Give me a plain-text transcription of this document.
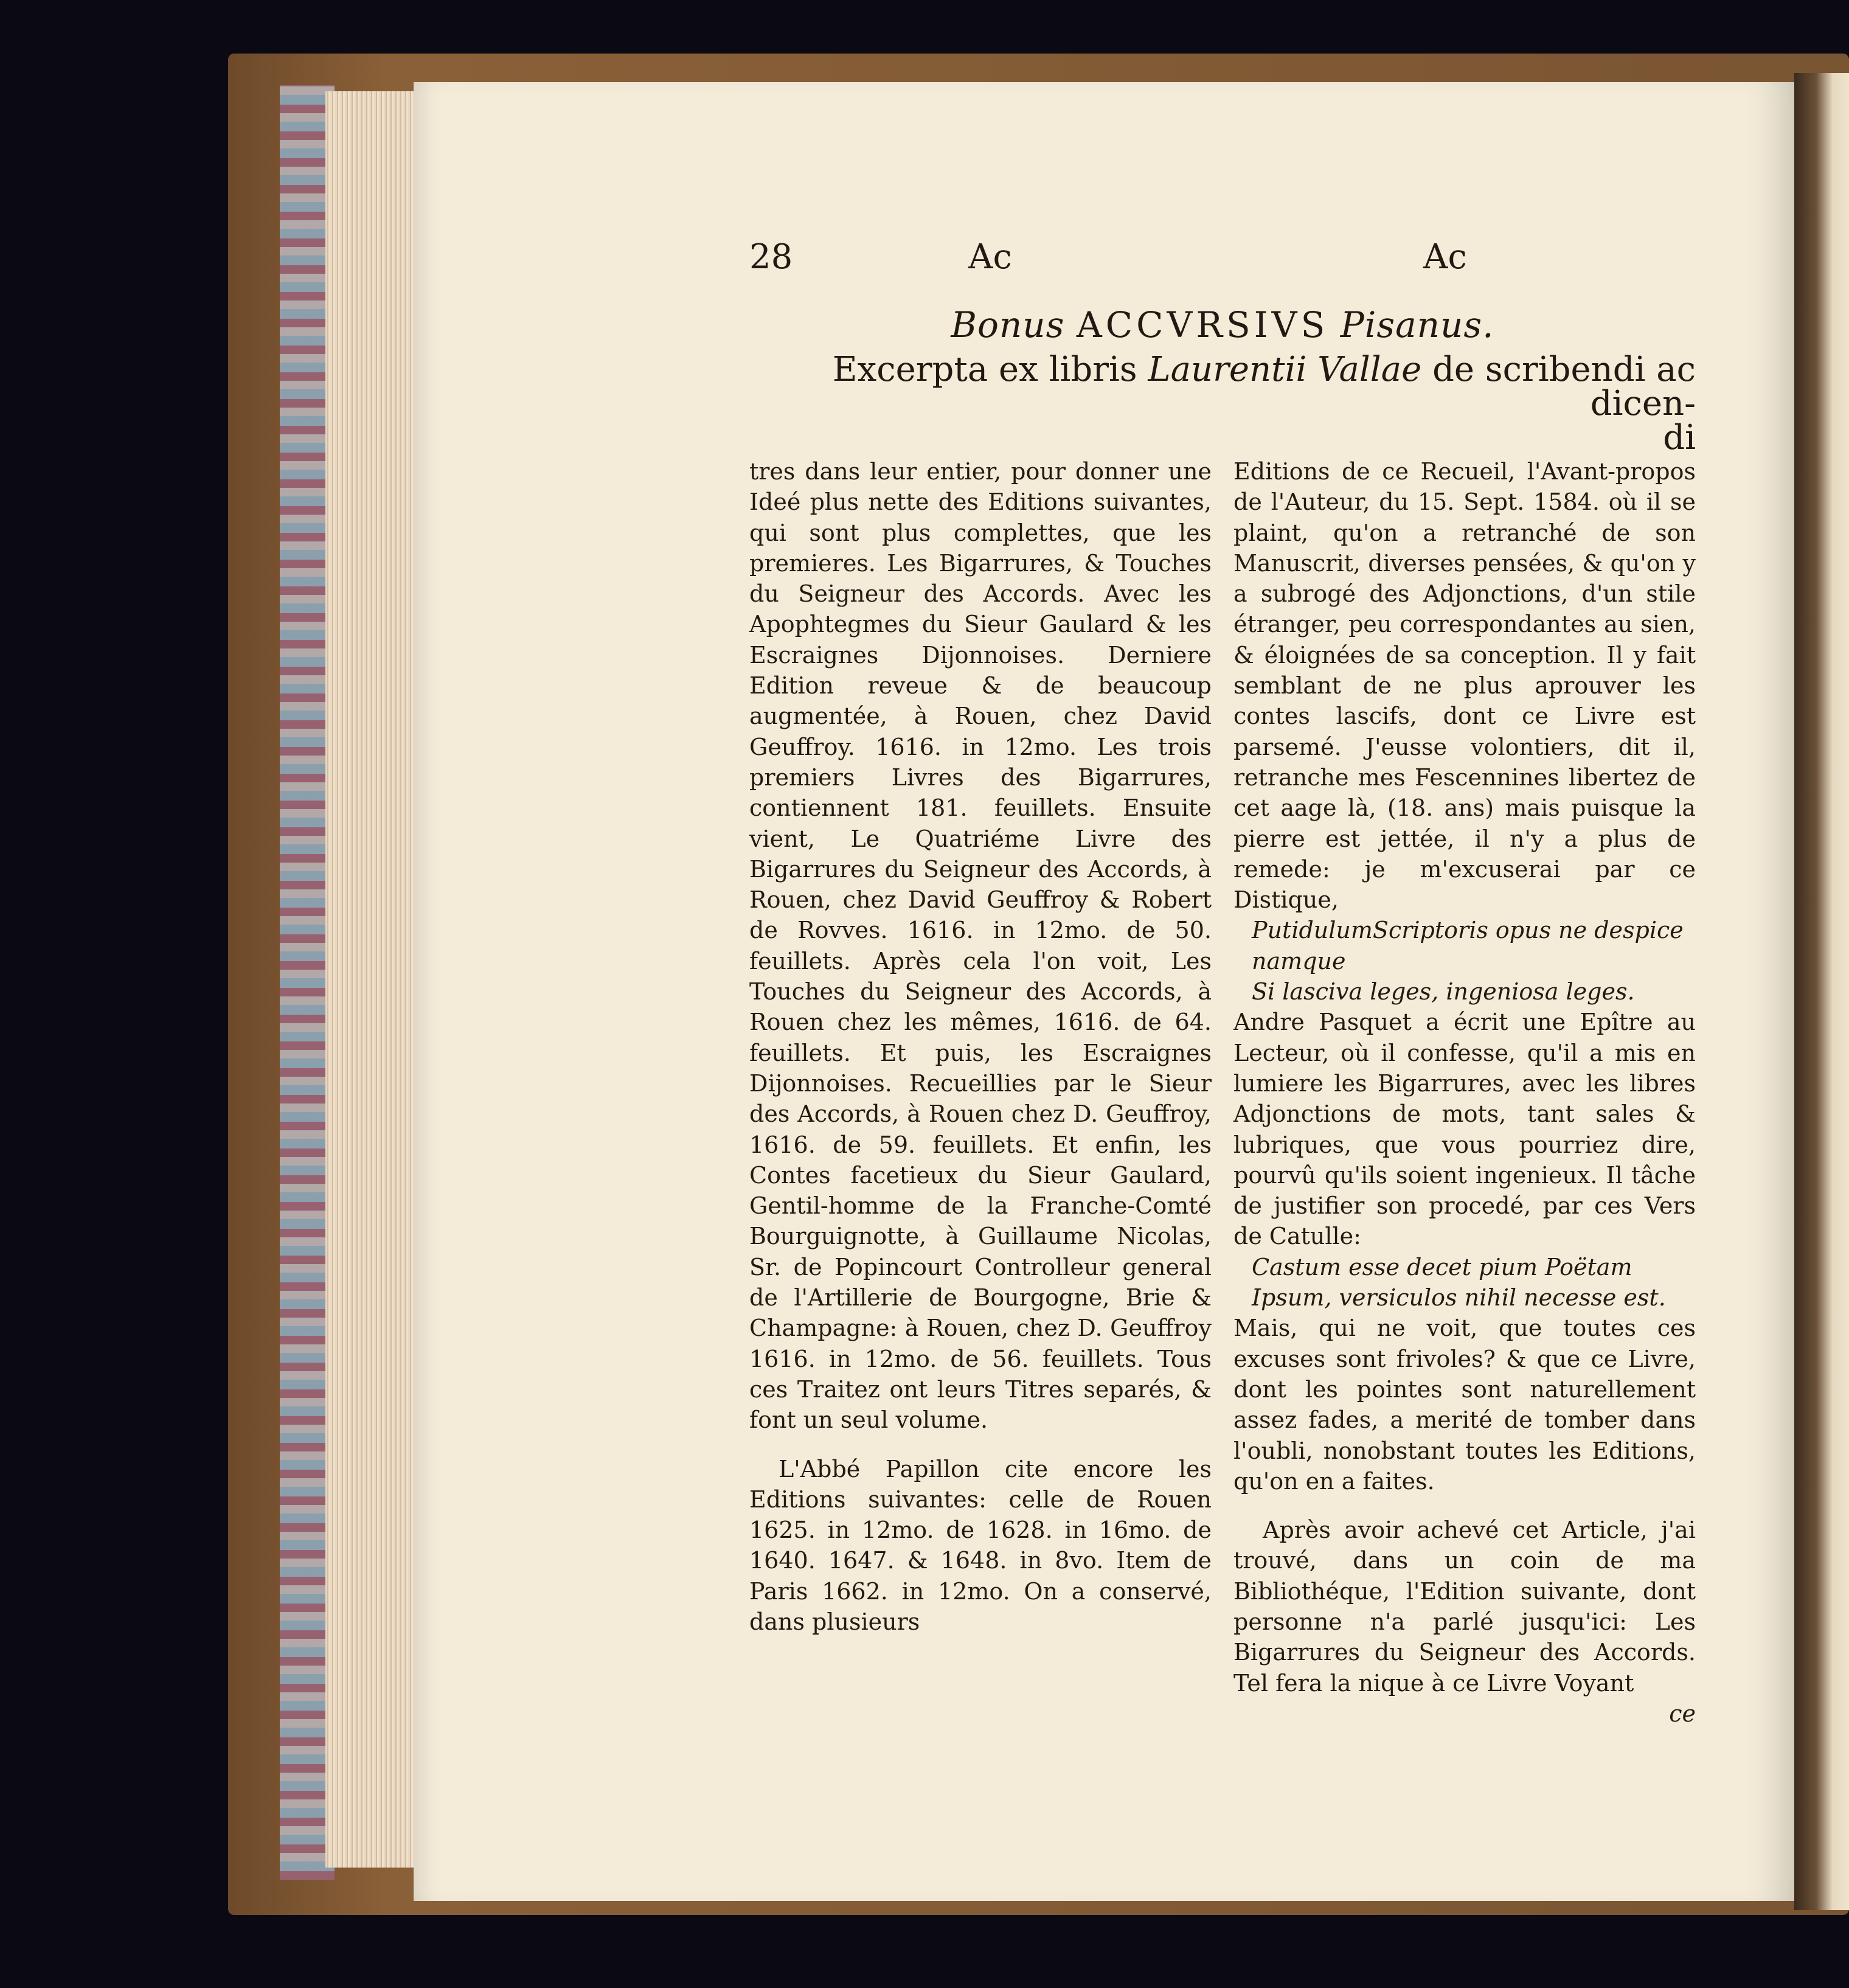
28	Ac	Ac
Bonus ACCVRSIVS Pisanus.
Excerpta ex libris Laurentii Vallae de scribendi ac dicen-
di

tres dans leur entier, pour donner une Ideé plus nette des Editions suivantes, qui sont plus complettes, que les premieres. Les Bigarrures, & Touches du Seigneur des Accords. Avec les Apophtegmes du Sieur Gaulard & les Escraignes Dijonnoises. Derniere Edition reveue & de beaucoup augmentée, à Rouen, chez David Geuffroy. 1616. in 12mo. Les trois premiers Livres des Bigarrures, contiennent 181. feuillets. Ensuite vient, Le Quatriéme Livre des Bigarrures du Seigneur des Accords, à Rouen, chez David Geuffroy & Robert de Rovves. 1616. in 12mo. de 50. feuillets. Après cela l'on voit, Les Touches du Seigneur des Accords, à Rouen chez les mêmes, 1616. de 64. feuillets. Et puis, les Escraignes Dijonnoises. Recueillies par le Sieur des Accords, à Rouen chez D. Geuffroy, 1616. de 59. feuillets. Et enfin, les Contes facetieux du Sieur Gaulard, Gentil-homme de la Franche-Comté Bourguignotte, à Guillaume Nicolas, Sr. de Popincourt Controlleur general de l'Artillerie de Bourgogne, Brie & Champagne: à Rouen, chez D. Geuffroy 1616. in 12mo. de 56. feuillets. Tous ces Traitez ont leurs Titres separés, & font un seul volume.

L'Abbé Papillon cite encore les Editions suivantes: celle de Rouen 1625. in 12mo. de 1628. in 16mo. de 1640. 1647. & 1648. in 8vo. Item de Paris 1662. in 12mo. On a conservé, dans plusieurs

Editions de ce Recueil, l'Avant-propos de l'Auteur, du 15. Sept. 1584. où il se plaint, qu'on a retranché de son Manuscrit, diverses pensées, & qu'on y a subrogé des Adjonctions, d'un stile étranger, peu correspondantes au sien, & éloignées de sa conception. Il y fait semblant de ne plus aprouver les contes lascifs, dont ce Livre est parsemé. J'eusse volontiers, dit il, retranche mes Fescennines libertez de cet aage là, (18. ans) mais puisque la pierre est jettée, il n'y a plus de remede: je m'excuserai par ce Distique,

PutidulumScriptoris opus ne despice namque
Si lasciva leges, ingeniosa leges.

Andre Pasquet a écrit une Epître au Lecteur, où il confesse, qu'il a mis en lumiere les Bigarrures, avec les libres Adjonctions de mots, tant sales & lubriques, que vous pourriez dire, pourvû qu'ils soient ingenieux. Il tâche de justifier son procedé, par ces Vers de Catulle:

Castum esse decet pium Poëtam
Ipsum, versiculos nihil necesse est.

Mais, qui ne voit, que toutes ces excuses sont frivoles? & que ce Livre, dont les pointes sont naturellement assez fades, a merité de tomber dans l'oubli, nonobstant toutes les Editions, qu'on en a faites.

Après avoir achevé cet Article, j'ai trouvé, dans un coin de ma Bibliothéque, l'Edition suivante, dont personne n'a parlé jusqu'ici: Les Bigarrures du Seigneur des Accords. Tel fera la nique à ce Livre Voyant

ce
